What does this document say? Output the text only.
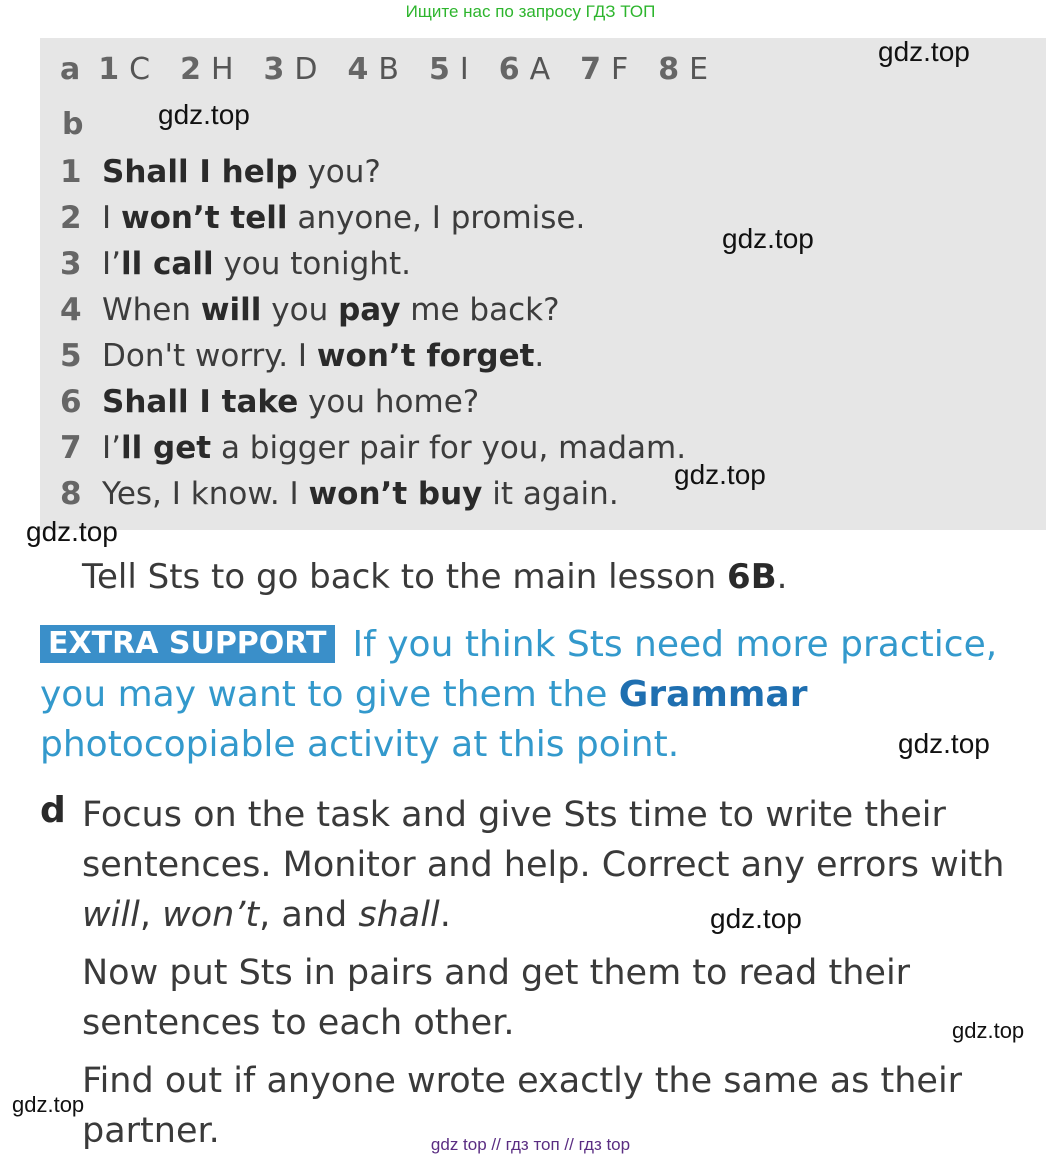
Ищите нас по запросу ГДЗ ТОП
a 1 C 2 H 3 D 4 B 5 I 6 A 7 F 8 E
b
1 Shall I help you?
2 I won’t tell anyone, I promise.
3 I’ll call you tonight.
4 When will you pay me back?
5 Don't worry. I won’t forget.
6 Shall I take you home?
7 I’ll get a bigger pair for you, madam.
8 Yes, I know. I won’t buy it again.
Tell Sts to go back to the main lesson 6B.
EXTRA SUPPORT If you think Sts need more practice, you may want to give them the Grammar photocopiable activity at this point.
d Focus on the task and give Sts time to write their sentences. Monitor and help. Correct any errors with will, won’t, and shall.

Now put Sts in pairs and get them to read their sentences to each other.

Find out if anyone wrote exactly the same as their partner.

gdz.top
gdz.top
gdz.top
gdz.top
gdz.top
gdz.top
gdz.top
gdz.top
gdz.top
gdz top // гдз топ // гдз top
